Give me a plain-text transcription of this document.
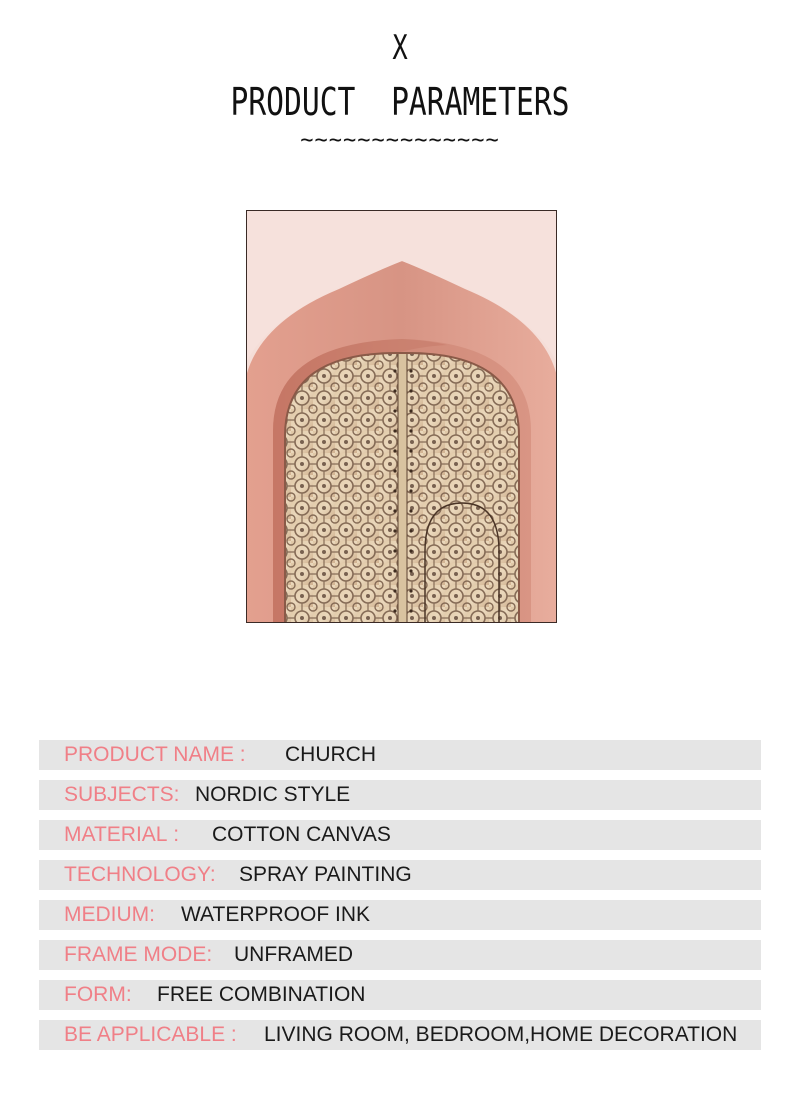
X
PRODUCT  PARAMETERS
~~~~~~~~~~~~~~
PRODUCT NAME : CHURCH
SUBJECTS: NORDIC STYLE
MATERIAL : COTTON CANVAS
TECHNOLOGY: SPRAY PAINTING
MEDIUM: WATERPROOF INK
FRAME MODE: UNFRAMED
FORM: FREE COMBINATION
BE APPLICABLE : LIVING ROOM, BEDROOM,HOME DECORATION
